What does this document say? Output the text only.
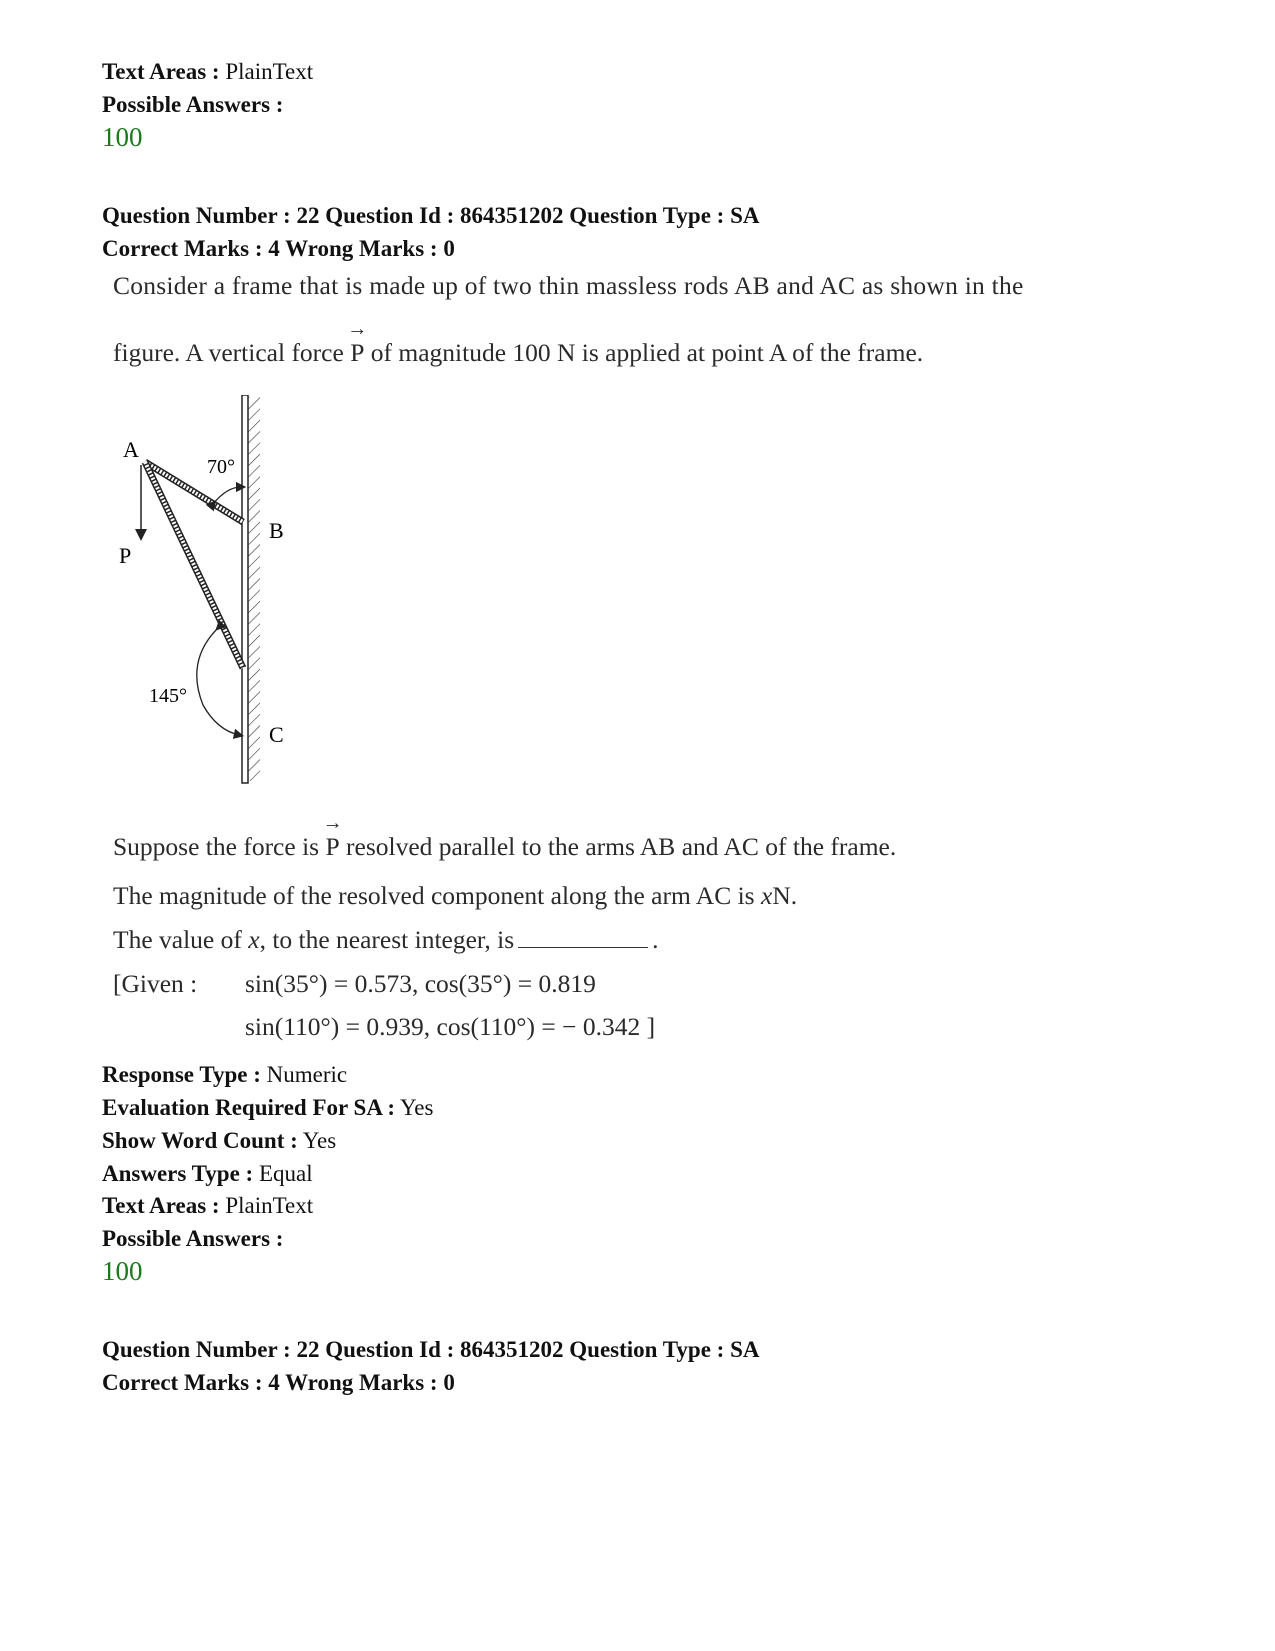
Text Areas : PlainText
Possible Answers :
100
Question Number : 22 Question Id : 864351202 Question Type : SA
Correct Marks : 4 Wrong Marks : 0
Consider a frame that is made up of two thin massless rods AB and AC as shown in the
figure. A vertical force → P of magnitude 100 N is applied at point A of the frame.
A
P
B
C
70°
145°
Suppose the force is → P resolved parallel to the arms AB and AC of the frame.
The magnitude of the resolved component along the arm AC is xN.
The value of x, to the nearest integer, is	.
[Given : sin(35°) = 0.573, cos(35°) = 0.819
sin(110°) = 0.939, cos(110°) = − 0.342 ]
Response Type : Numeric
Evaluation Required For SA : Yes
Show Word Count : Yes
Answers Type : Equal
Text Areas : PlainText
Possible Answers :
100
Question Number : 22 Question Id : 864351202 Question Type : SA
Correct Marks : 4 Wrong Marks : 0
